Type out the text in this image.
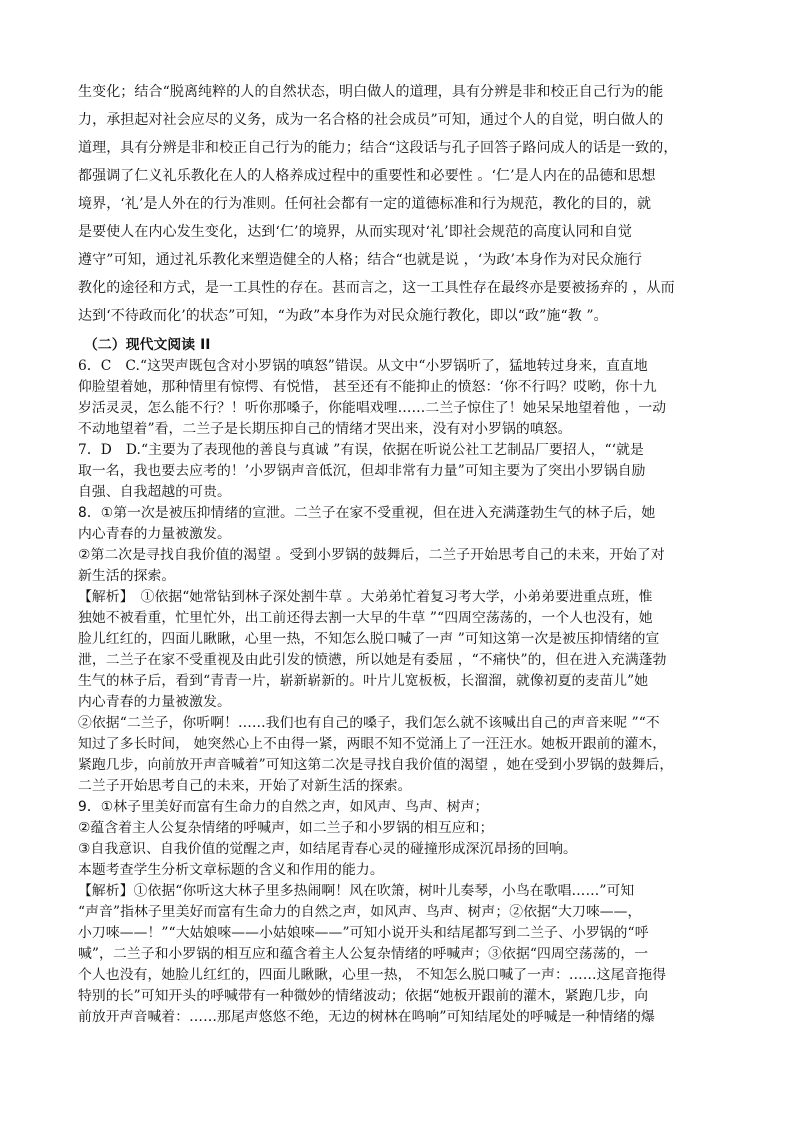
生变化；结合“脱离纯粹的人的自然状态，明白做人的道理，具有分辨是非和校正自己行为的能
力，承担起对社会应尽的义务，成为一名合格的社会成员”可知，通过个人的自觉，明白做人的
道理，具有分辨是非和校正自己行为的能力；结合“这段话与孔子回答子路问成人的话是一致的，
都强调了仁义礼乐教化在人的人格养成过程中的重要性和必要性 。‘仁’是人内在的品德和思想
境界，‘礼’是人外在的行为准则。任何社会都有一定的道德标准和行为规范，教化的目的，就
是要使人在内心发生变化，达到‘仁’的境界，从而实现对‘礼’即社会规范的高度认同和自觉
遵守”可知，通过礼乐教化来塑造健全的人格；结合“也就是说 ，‘为政’本身作为对民众施行
教化的途径和方式，是一工具性的存在。甚而言之，这一工具性存在最终亦是要被扬弃的 ，从而
达到‘不待政而化’的状态”可知，“为政”本身作为对民众施行教化，即以“政”施“教 ”。
（二）现代文阅读 II
6．C　C.“这哭声既包含对小罗锅的嗔怒”错误。从文中“小罗锅听了，猛地转过身来，直直地
仰脸望着她，那种情里有惊愕、有悦惜， 甚至还有不能抑止的愤怒：‘你不行吗？哎哟，你十九
岁活灵灵，怎么能不行？！听你那嗓子，你能唱戏哩……二兰子惊住了！她呆呆地望着他 ，一动
不动地望着”看，二兰子是长期压抑自己的情绪才哭出来，没有对小罗锅的嗔怒。
7．D　D.“主要为了表现他的善良与真诚 ”有误，依据在听说公社工艺制品厂要招人，“‘就是
取一名，我也要去应考的！’小罗锅声音低沉，但却非常有力量”可知主要为了突出小罗锅自励
自强、自我超越的可贵。
8．①第一次是被压抑情绪的宣泄。二兰子在家不受重视，但在进入充满蓬勃生气的林子后，她
内心青春的力量被激发。
②第二次是寻找自我价值的渴望 。受到小罗锅的鼓舞后，二兰子开始思考自己的未来，开始了对
新生活的探索。
【解析】　①依据“她常钻到林子深处割牛草 。大弟弟忙着复习考大学，小弟弟要进重点班，惟
独她不被看重，忙里忙外，出工前还得去割一大早的牛草 ”“四周空荡荡的，一个人也没有，她
脸儿红红的，四面儿瞅瞅，心里一热，不知怎么脱口喊了一声 ”可知这第一次是被压抑情绪的宣
泄，二兰子在家不受重视及由此引发的愤懑，所以她是有委屈 ，“不痛快”的，但在进入充满蓬勃
生气的林子后，看到“青青一片，崭新崭新的。叶片儿宽板板，长溜溜，就像初夏的麦苗儿”她
内心青春的力量被激发。
②依据“二兰子，你听啊！……我们也有自己的嗓子，我们怎么就不该喊出自己的声音来呢 ”“不
知过了多长时间， 她突然心上不由得一紧，两眼不知不觉涌上了一汪汪水。她板开跟前的灌木，
紧跑几步，向前放开声音喊着”可知这第二次是寻找自我价值的渴望 ，她在受到小罗锅的鼓舞后，
二兰子开始思考自己的未来，开始了对新生活的探索。
9．①林子里美好而富有生命力的自然之声，如风声、鸟声、树声；
②蕴含着主人公复杂情绪的呼喊声，如二兰子和小罗锅的相互应和；
③自我意识、自我价值的觉醒之声，如结尾青春心灵的碰撞形成深沉昂扬的回响。
本题考查学生分析文章标题的含义和作用的能力。
【解析】①依据“你听这大林子里多热闹啊！风在吹箫，树叶儿奏琴，小鸟在歌唱……”可知
“声音”指林子里美好而富有生命力的自然之声，如风声、鸟声、树声；②依据“大刀唻——，
小刀唻——！”“大姑娘唻——小姑娘唻——”可知小说开头和结尾都写到二兰子、小罗锅的“呼
喊”，二兰子和小罗锅的相互应和蕴含着主人公复杂情绪的呼喊声；③依据“四周空荡荡的，一
个人也没有，她脸儿红红的，四面儿瞅瞅，心里一热， 不知怎么脱口喊了一声：……这尾音拖得
特别的长”可知开头的呼喊带有一种微妙的情绪波动；依据“她板开跟前的灌木，紧跑几步，向
前放开声音喊着：……那尾声悠悠不绝，无边的树林在鸣响”可知结尾处的呼喊是一种情绪的爆
